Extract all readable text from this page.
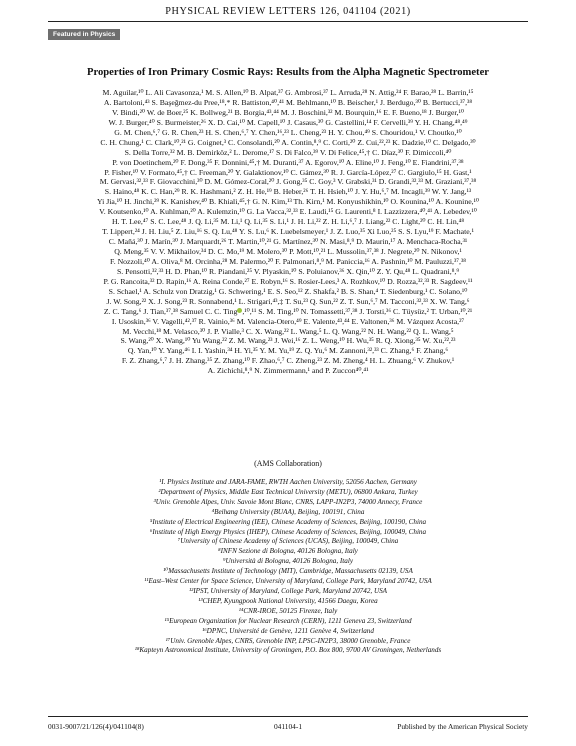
PHYSICAL REVIEW LETTERS 126, 041104 (2021)
Featured in Physics
Properties of Iron Primary Cosmic Rays: Results from the Alpha Magnetic Spectrometer
M. Aguilar,¹⁰ L. Ali Cavasonza,¹ M. S. Allen,¹⁰ B. Alpat,³⁷ G. Ambrosi,³⁷ L. Arruda,²⁸ N. Attig,²⁴ F. Barao,²⁸ L. Barrin,¹⁵
A. Bartoloni,⁴³ S. Başeğmez-du Pree,¹⁸,* R. Battiston,⁴⁰,⁴¹ M. Behlmann,¹⁰ B. Beischer,¹ J. Berdugo,³⁰ B. Bertucci,³⁷,³⁸
V. Bindi,²⁰ W. de Boer,²⁵ K. Bollweg,²¹ B. Borgia,⁴³,⁴⁴ M. J. Boschini,³² M. Bourquin,¹⁶ E. F. Bueno,¹⁸ J. Burger,¹⁰
W. J. Burger,⁴⁰ S. Burmeister,²⁶ X. D. Cai,¹⁰ M. Capell,¹⁰ J. Casaus,³⁰ G. Castellini,¹⁴ F. Cervelli,³⁹ Y. H. Chang,⁴⁸,⁴⁹
G. M. Chen,⁶,⁷ G. R. Chen,²³ H. S. Chen,⁶,⁷ Y. Chen,¹⁶,²³ L. Cheng,²³ H. Y. Chou,⁴⁹ S. Chouridou,¹ V. Choutko,¹⁰
C. H. Chung,¹ C. Clark,¹⁰,²¹ G. Coignet,³ C. Consolandi,²⁰ A. Contin,⁸,⁹ C. Corti,²⁰ Z. Cui,²²,²³ K. Dadzie,¹⁰ C. Delgado,³⁰
S. Della Torre,³² M. B. Demirköz,² L. Derome,¹⁷ S. Di Falco,³⁹ V. Di Felice,⁴⁵,† C. Díaz,³⁰ F. Dimiccoli,⁴⁰
P. von Doetinchem,²⁰ F. Dong,³⁵ F. Donnini,⁴⁵,† M. Duranti,³⁷ A. Egorov,¹⁰ A. Eline,¹⁰ J. Feng,¹⁰ E. Fiandrini,³⁷,³⁸
P. Fisher,¹⁰ V. Formato,⁴⁵,† C. Freeman,²⁰ Y. Galaktionov,¹⁰ C. Gámez,³⁰ R. J. García-López,²⁷ C. Gargiulo,¹⁵ H. Gast,¹
M. Gervasi,³²,³³ F. Giovacchini,³⁰ D. M. Gómez-Coral,²⁰ J. Gong,³⁵ C. Goy,³ V. Grabski,³¹ D. Grandi,³²,³³ M. Graziani,³⁷,³⁸
S. Haino,⁴⁸ K. C. Han,²⁹ R. K. Hashmani,² Z. H. He,¹⁹ B. Heber,²⁶ T. H. Hsieh,¹⁰ J. Y. Hu,⁶,⁷ M. Incagli,³⁹ W. Y. Jang,¹³
Yi Jia,¹⁰ H. Jinchi,²⁹ K. Kanishev,⁴⁰ B. Khiali,⁴⁵,† G. N. Kim,¹³ Th. Kirn,¹ M. Konyushikhin,¹⁰ O. Kounina,¹⁰ A. Kounine,¹⁰
V. Koutsenko,¹⁰ A. Kuhlman,²⁰ A. Kulemzin,¹⁰ G. La Vacca,³²,³³ E. Laudi,¹⁵ G. Laurenti,⁸ I. Lazzizzera,⁴⁰,⁴¹ A. Lebedev,¹⁰
H. T. Lee,⁴⁷ S. C. Lee,⁴⁸ J. Q. Li,³⁵ M. Li,¹ Q. Li,³⁵ S. Li,¹ J. H. Li,²² Z. H. Li,⁶,⁷ J. Liang,²² C. Light,²⁰ C. H. Lin,⁴⁸
T. Lippert,²⁴ J. H. Liu,⁵ Z. Liu,¹⁶ S. Q. Lu,⁴⁸ Y. S. Lu,⁶ K. Luebelsmeyer,¹ J. Z. Luo,³⁵ Xi Luo,²⁵ S. S. Lyu,¹⁹ F. Machate,¹
C. Mañá,³⁰ J. Marín,³⁰ J. Marquardt,²⁶ T. Martin,¹⁰,²¹ G. Martínez,³⁰ N. Masi,⁸,⁹ D. Maurin,¹⁷ A. Menchaca-Rocha,³¹
Q. Meng,³⁵ V. V. Mikhailov,³⁴ D. C. Mo,¹⁹ M. Molero,³⁰ P. Mott,¹⁰,²¹ L. Mussolin,³⁷,³⁸ J. Negrete,²⁰ N. Nikonov,¹
F. Nozzoli,⁴⁰ A. Oliva,⁸ M. Orcinha,²⁸ M. Palermo,²⁰ F. Palmonari,⁸,⁹ M. Paniccia,¹⁶ A. Pashnin,¹⁰ M. Pauluzzi,³⁷,³⁸
S. Pensotti,³²,³³ H. D. Phan,¹⁰ R. Piandani,²⁵ V. Plyaskin,¹⁰ S. Poluianov,³⁶ X. Qin,¹⁰ Z. Y. Qu,⁴⁸ L. Quadrani,⁸,⁹
P. G. Rancoita,³² D. Rapin,¹⁶ A. Reina Conde,²⁷ E. Robyn,¹⁶ S. Rosier-Lees,³ A. Rozhkov,¹⁰ D. Rozza,³²,³³ R. Sagdeev,¹¹
S. Schael,¹ A. Schulz von Dratzig,¹ G. Schwering,¹ E. S. Seo,¹² Z. Shakfa,² B. S. Shan,⁴ T. Siedenburg,¹ C. Solano,¹⁰
J. W. Song,²² X. J. Song,²³ R. Sonnabend,¹ L. Strigari,⁴³,‡ T. Su,²³ Q. Sun,²² Z. T. Sun,⁶,⁷ M. Tacconi,³²,³³ X. W. Tang,⁶
Z. C. Tang,⁶ J. Tian,³⁷,³⁸ Samuel C. C. Ting ,¹⁰,¹¹ S. M. Ting,¹⁰ N. Tomassetti,³⁷,³⁸ J. Torsti,³⁶ C. Tüysüz,² T. Urban,¹⁰,²¹
I. Usoskin,³⁶ V. Vagelli,⁴²,³⁷ R. Vainio,³⁶ M. Valencia-Otero,⁴⁹ E. Valente,⁴³,⁴⁴ E. Valtonen,³⁶ M. Vázquez Acosta,²⁷
M. Vecchi,¹⁸ M. Velasco,³⁰ J. P. Vialle,³ C. X. Wang,²² L. Wang,⁵ L. Q. Wang,²² N. H. Wang,²² Q. L. Wang,⁵
S. Wang,²⁰ X. Wang,¹⁰ Yu Wang,²² Z. M. Wang,²³ J. Wei,¹⁶ Z. L. Weng,¹⁰ H. Wu,³⁵ R. Q. Xiong,³⁵ W. Xu,²²,²³
Q. Yan,¹⁰ Y. Yang,⁴⁶ I. I. Yashin,³⁴ H. Yi,³⁵ Y. M. Yu,¹⁹ Z. Q. Yu,⁶ M. Zannoni,³²,³³ C. Zhang,⁶ F. Zhang,⁶
F. Z. Zhang,⁶,⁷ J. H. Zhang,³⁵ Z. Zhang,¹⁰ F. Zhao,⁶,⁷ C. Zheng,²³ Z. M. Zheng,⁴ H. L. Zhuang,⁶ V. Zhukov,¹
A. Zichichi,⁸,⁹ N. Zimmermann,¹ and P. Zuccon⁴⁰,⁴¹
(AMS Collaboration)
¹I. Physics Institute and JARA-FAME, RWTH Aachen University, 52056 Aachen, Germany
²Department of Physics, Middle East Technical University (METU), 06800 Ankara, Turkey
³Univ. Grenoble Alpes, Univ. Savoie Mont Blanc, CNRS, LAPP-IN2P3, 74000 Annecy, France
⁴Beihang University (BUAA), Beijing, 100191, China
⁵Institute of Electrical Engineering (IEE), Chinese Academy of Sciences, Beijing, 100190, China
⁶Institute of High Energy Physics (IHEP), Chinese Academy of Sciences, Beijing, 100049, China
⁷University of Chinese Academy of Sciences (UCAS), Beijing, 100049, China
⁸INFN Sezione di Bologna, 40126 Bologna, Italy
⁹Università di Bologna, 40126 Bologna, Italy
¹⁰Massachusetts Institute of Technology (MIT), Cambridge, Massachusetts 02139, USA
¹¹East–West Center for Space Science, University of Maryland, College Park, Maryland 20742, USA
¹²IPST, University of Maryland, College Park, Maryland 20742, USA
¹³CHEP, Kyungpook National University, 41566 Daegu, Korea
¹⁴CNR-IROE, 50125 Firenze, Italy
¹⁵European Organization for Nuclear Research (CERN), 1211 Geneva 23, Switzerland
¹⁶DPNC, Université de Genève, 1211 Genève 4, Switzerland
¹⁷Univ. Grenoble Alpes, CNRS, Grenoble INP, LPSC-IN2P3, 38000 Grenoble, France
¹⁸Kapteyn Astronomical Institute, University of Groningen, P.O. Box 800, 9700 AV Groningen, Netherlands
0031-9007/21/126(4)/041104(8)	041104-1	Published by the American Physical Society
